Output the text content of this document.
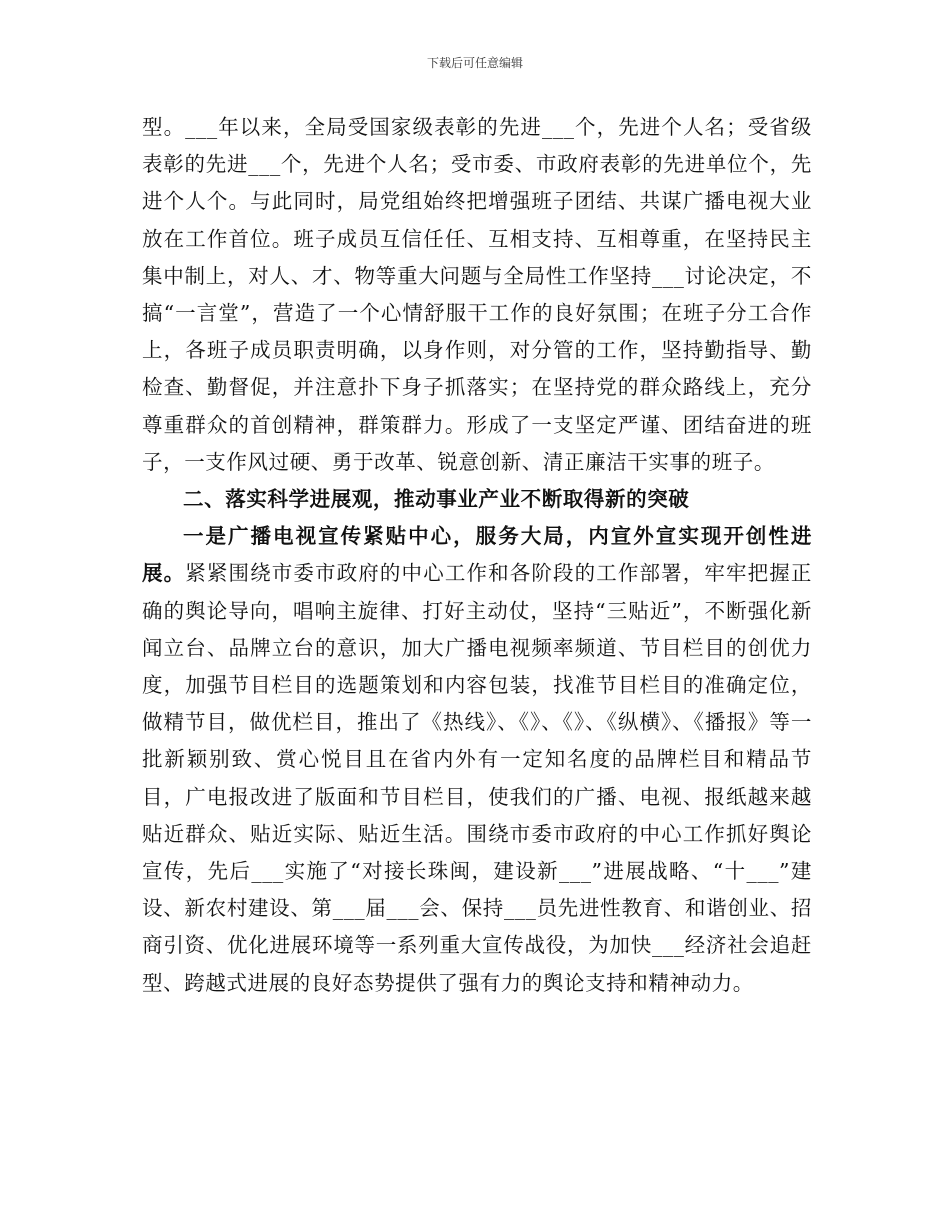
下载后可任意编辑

型。___年以来，全局受国家级表彰的先进___个，先进个人名；受省级表彰的先进___个，先进个人名；受市委、市政府表彰的先进单位个，先进个人个。与此同时，局党组始终把增强班子团结、共谋广播电视大业放在工作首位。班子成员互信任任、互相支持、互相尊重，在坚持民主集中制上，对人、才、物等重大问题与全局性工作坚持___讨论决定，不搞“一言堂”，营造了一个心情舒服干工作的良好氛围；在班子分工合作上，各班子成员职责明确，以身作则，对分管的工作，坚持勤指导、勤检查、勤督促，并注意扑下身子抓落实；在坚持党的群众路线上，充分尊重群众的首创精神，群策群力。形成了一支坚定严谨、团结奋进的班子，一支作风过硬、勇于改革、锐意创新、清正廉洁干实事的班子。

二、落实科学进展观，推动事业产业不断取得新的突破

一是广播电视宣传紧贴中心，服务大局，内宣外宣实现开创性进展。紧紧围绕市委市政府的中心工作和各阶段的工作部署，牢牢把握正确的舆论导向，唱响主旋律、打好主动仗，坚持“三贴近”，不断强化新闻立台、品牌立台的意识，加大广播电视频率频道、节目栏目的创优力度，加强节目栏目的选题策划和内容包装，找准节目栏目的准确定位，做精节目，做优栏目，推出了《热线》、《》、《》、《纵横》、《播报》等一批新颖别致、赏心悦目且在省内外有一定知名度的品牌栏目和精品节目，广电报改进了版面和节目栏目，使我们的广播、电视、报纸越来越贴近群众、贴近实际、贴近生活。围绕市委市政府的中心工作抓好舆论宣传，先后___实施了“对接长珠闽，建设新___”进展战略、“十___”建设、新农村建设、第___届___会、保持___员先进性教育、和谐创业、招商引资、优化进展环境等一系列重大宣传战役，为加快___经济社会追赶型、跨越式进展的良好态势提供了强有力的舆论支持和精神动力。
